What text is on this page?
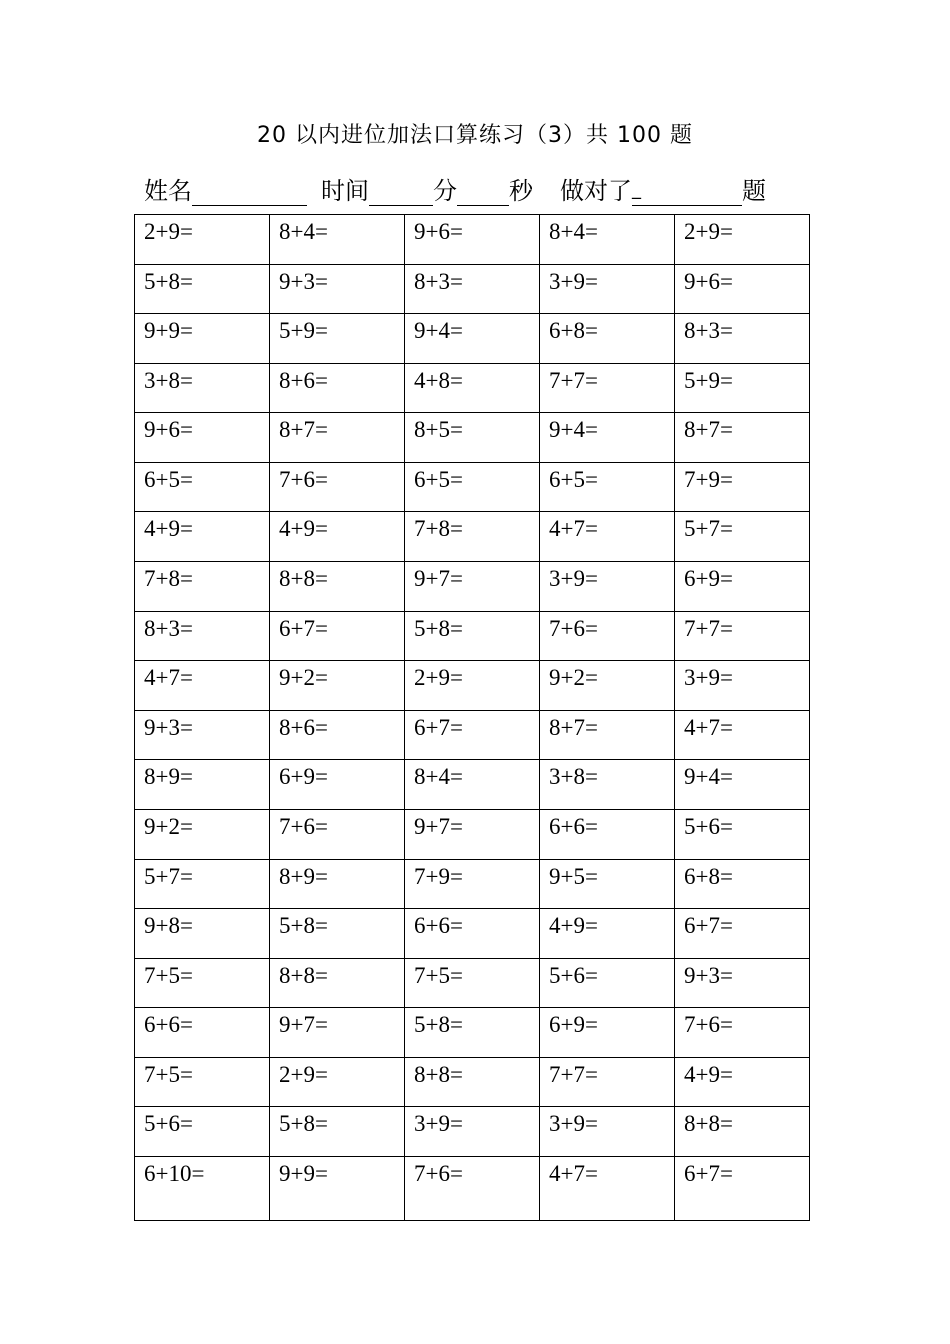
20 以内进位加法口算练习（3）共 100 题
姓名	时间	分 秒 做对了 _	题
2+9=	8+4=	9+6=	8+4=	2+9=
5+8=	9+3=	8+3=	3+9=	9+6=
9+9=	5+9=	9+4=	6+8=	8+3=
3+8=	8+6=	4+8=	7+7=	5+9=
9+6=	8+7=	8+5=	9+4=	8+7=
6+5=	7+6=	6+5=	6+5=	7+9=
4+9=	4+9=	7+8=	4+7=	5+7=
7+8=	8+8=	9+7=	3+9=	6+9=
8+3=	6+7=	5+8=	7+6=	7+7=
4+7=	9+2=	2+9=	9+2=	3+9=
9+3=	8+6=	6+7=	8+7=	4+7=
8+9=	6+9=	8+4=	3+8=	9+4=
9+2=	7+6=	9+7=	6+6=	5+6=
5+7=	8+9=	7+9=	9+5=	6+8=
9+8=	5+8=	6+6=	4+9=	6+7=
7+5=	8+8=	7+5=	5+6=	9+3=
6+6=	9+7=	5+8=	6+9=	7+6=
7+5=	2+9=	8+8=	7+7=	4+9=
5+6=	5+8=	3+9=	3+9=	8+8=
6+10=	9+9=	7+6=	4+7=	6+7=
